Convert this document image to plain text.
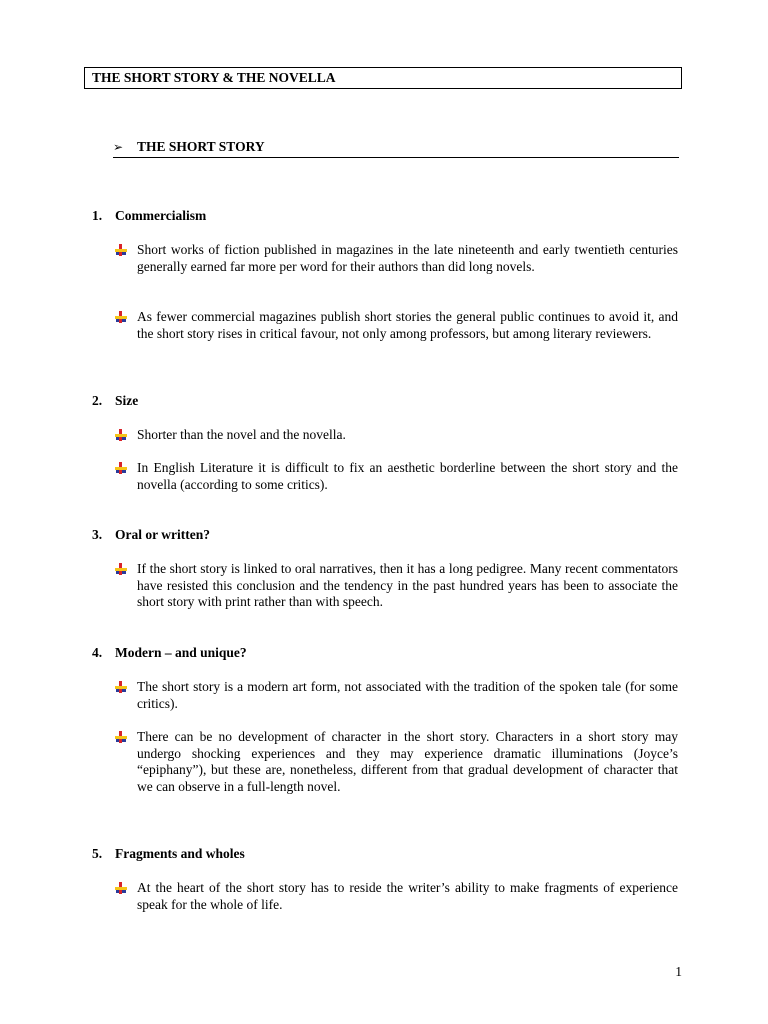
THE SHORT STORY & THE NOVELLA
➢ THE SHORT STORY
1. Commercialism
Short works of fiction published in magazines in the late nineteenth and early twentieth centuries generally earned far more per word for their authors than did long novels.
As fewer commercial magazines publish short stories the general public continues to avoid it, and the short story rises in critical favour, not only among professors, but among literary reviewers.
2. Size
Shorter than the novel and the novella.
In English Literature it is difficult to fix an aesthetic borderline between the short story and the novella (according to some critics).
3. Oral or written?
If the short story is linked to oral narratives, then it has a long pedigree. Many recent commentators have resisted this conclusion and the tendency in the past hundred years has been to associate the short story with print rather than with speech.
4. Modern – and unique?
The short story is a modern art form, not associated with the tradition of the spoken tale (for some critics).
There can be no development of character in the short story. Characters in a short story may undergo shocking experiences and they may experience dramatic illuminations (Joyce’s “epiphany”), but these are, nonetheless, different from that gradual development of character that we can observe in a full-length novel.
5. Fragments and wholes
At the heart of the short story has to reside the writer’s ability to make fragments of experience speak for the whole of life.
1
